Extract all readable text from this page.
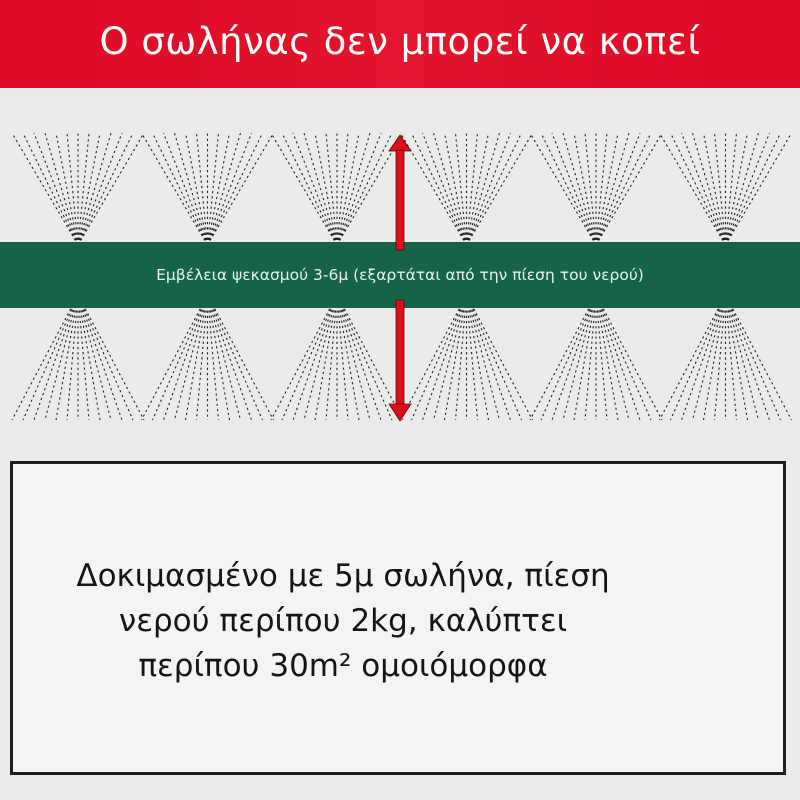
Ο σωλήνας δεν μπορεί να κοπεί
Εμβέλεια ψεκασμού 3-6μ (εξαρτάται από την πίεση του νερού)
Δοκιμασμένο με 5μ σωλήνα, πίεση
νερού περίπου 2kg, καλύπτει
περίπου 30m² ομοιόμορφα
